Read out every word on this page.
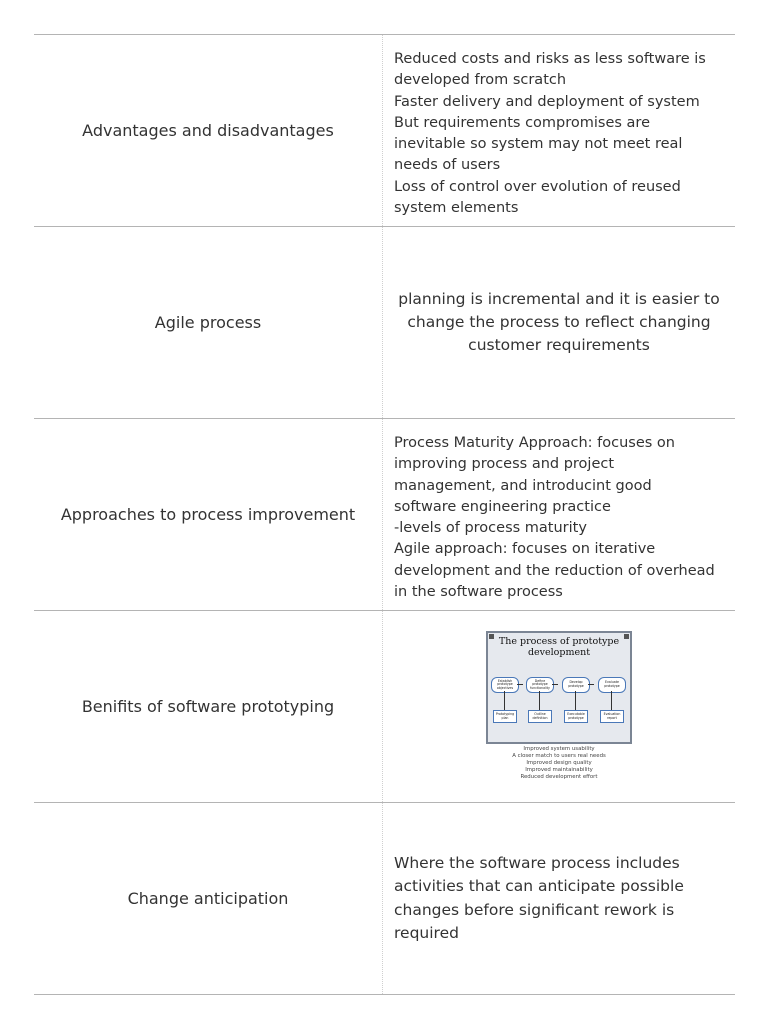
Advantages and disadvantages
Reduced costs and risks as less software is
developed from scratch
Faster delivery and deployment of system
But requirements compromises are
inevitable so system may not meet real
needs of users
Loss of control over evolution of reused
system elements
Agile process
planning is incremental and it is easier to change the process to reflect changing customer requirements
Approaches to process improvement
Process Maturity Approach: focuses on
improving process and project
management, and introducint good
software engineering practice
-levels of process maturity
Agile approach: focuses on iterative
development and the reduction of overhead
in the software process
Benifits of software prototyping
The process of prototype development
Establish prototype objectives
Define prototype functionality
Develop prototype
Evaluate prototype
Prototyping plan
Outline definition
Executable prototype
Evaluation report
Improved system usability
A closer match to users real needs
Improved design quality
Improved maintainability
Reduced development effort
Change anticipation
Where the software process includes activities that can anticipate possible changes before significant rework is required
